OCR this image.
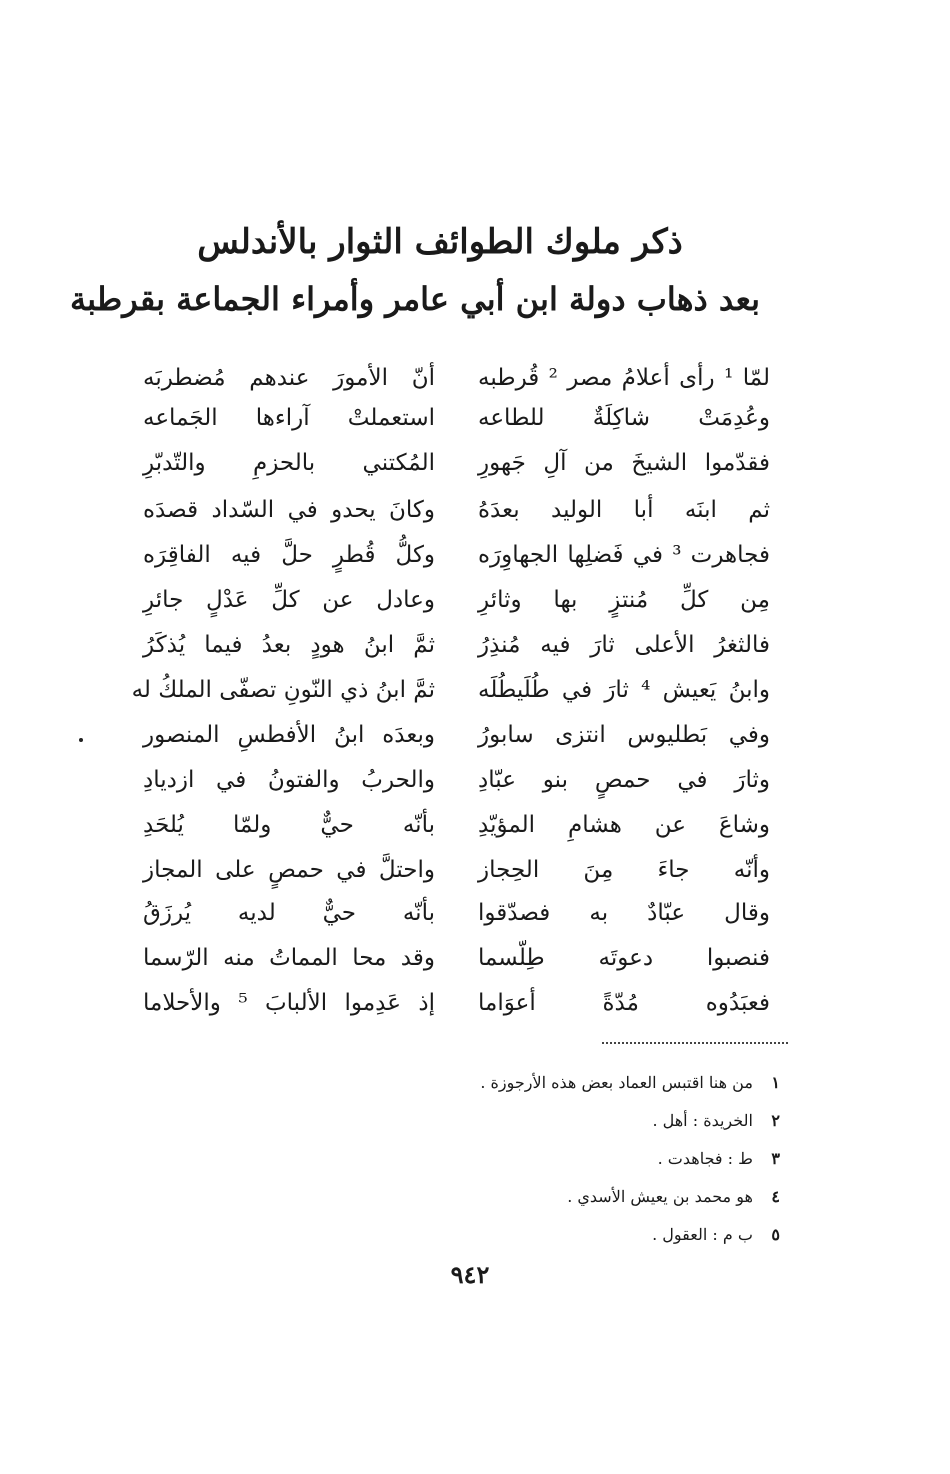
ذكر ملوك الطوائف الثوار بالأندلس
بعد ذهاب دولة ابن أبي عامر وأمراء الجماعة بقرطبة
لمّا ¹ رأى أعلامُ مصر ² قُرطبه
أنّ الأمورَ عندهم مُضطربَه
وعُدِمَتْ شاكِلَةٌ للطاعه
استعملتْ آراءها الجَماعه
فقدّموا الشيخَ من آلِ جَهورِ
المُكتني بالحزمِ والتّدبّرِ
ثم ابنَه أبا الوليد بعدَهُ
وكانَ يحدو في السّداد قصدَه
فجاهرت ³ في فَضلِها الجهاوِرَه
وكلُّ قُطرٍ حلَّ فيه الفاقِرَه
مِن كلِّ مُنتزٍ بها وثائرِ
وعادل عن كلِّ عَدْلٍ جائرِ
فالثغرُ الأعلى ثارَ فيه مُنذِرُ
ثمَّ ابنُ هودٍ بعدُ فيما يُذكَرُ
وابنُ يَعيش ⁴ ثارَ في طُلَيطُلَه
ثمَّ ابنُ ذي النّونِ تصفّى الملكُ له
وفي بَطليوس انتزى سابورُ
وبعدَه ابنُ الأفطسِ المنصور
وثارَ في حمصٍ بنو عبّادِ
والحربُ والفتونُ في ازديادِ
وشاعَ عن هشامِ المؤيّدِ
بأنّه حيٌّ ولمّا يُلحَدِ
وأنّه جاءَ مِنَ الحِجاز
واحتلَّ في حمصٍ على المجاز
وقال عبّادٌ به فصدّقوا
بأنّه حيٌّ لديه يُرزَقُ
فنصبوا دعوتَه طِلّسما
وقد محا المماتُ منه الرّسما
فعبَدُوه مُدّةً أعوَاما
إذ عَدِموا الألبابَ ⁵ والأحلاما
١ من هنا اقتبس العماد بعض هذه الأرجوزة .
٢ الخريدة : أهل .
٣ ط : فجاهدت .
٤ هو محمد بن يعيش الأسدي .
٥ ب م : العقول .
٩٤٢
